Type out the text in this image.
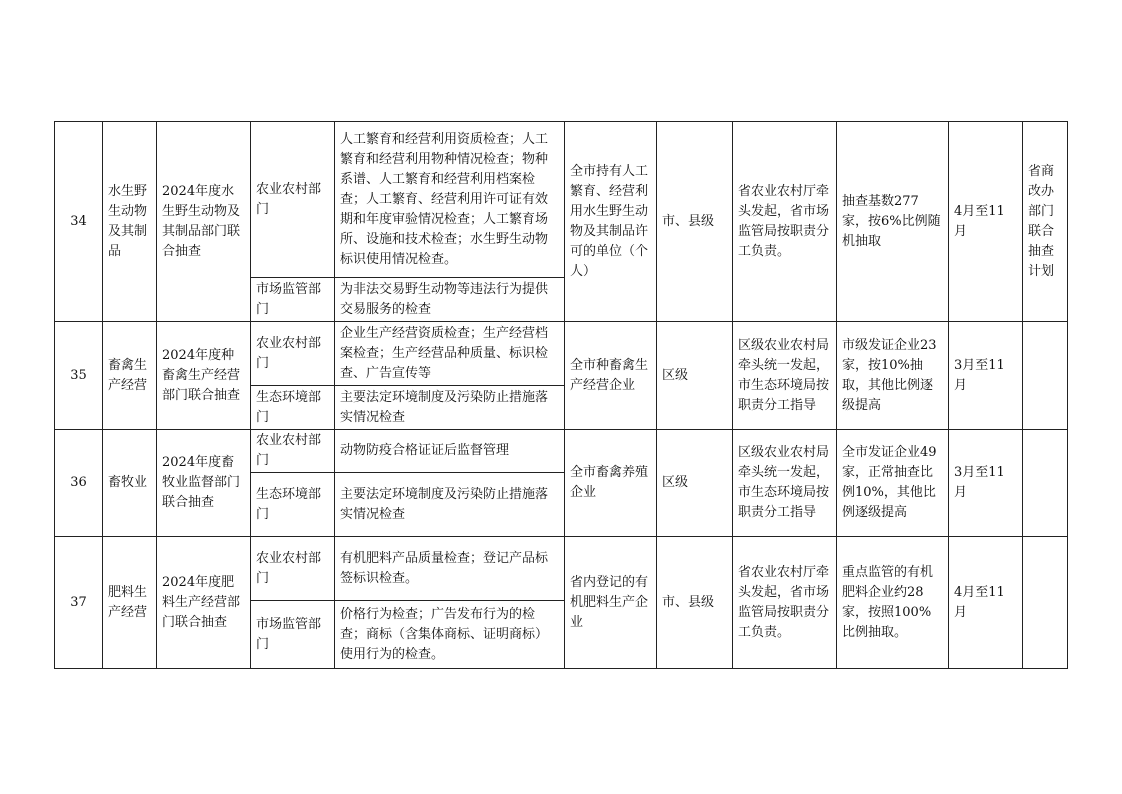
34	水生野生动物及其制品	2024年度水生野生动物及其制品部门联合抽查	农业农村部门	人工繁育和经营利用资质检查；人工繁育和经营利用物种情况检查；物种系谱、人工繁育和经营利用档案检查；人工繁育、经营利用许可证有效期和年度审验情况检查；人工繁育场所、设施和技术检查；水生野生动物标识使用情况检查。	全市持有人工繁育、经营利用水生野生动物及其制品许可的单位（个人）	市、县级	省农业农村厅牵头发起，省市场监管局按职责分工负责。	抽查基数277家，按6%比例随机抽取	4月至11月	省商改办部门联合抽查计划
			市场监管部门	为非法交易野生动物等违法行为提供交易服务的检查						
35	畜禽生产经营	2024年度种畜禽生产经营部门联合抽查	农业农村部门	企业生产经营资质检查；生产经营档案检查；生产经营品种质量、标识检查、广告宣传等	全市种畜禽生产经营企业	区级	区级农业农村局牵头统一发起，市生态环境局按职责分工指导	市级发证企业23家，按10%抽取，其他比例逐级提高	3月至11月	
			生态环境部门	主要法定环境制度及污染防止措施落实情况检查						
36	畜牧业	2024年度畜牧业监督部门联合抽查	农业农村部门	动物防疫合格证证后监督管理	全市畜禽养殖企业	区级	区级农业农村局牵头统一发起，市生态环境局按职责分工指导	全市发证企业49家，正常抽查比例10%，其他比例逐级提高	3月至11月	
			生态环境部门	主要法定环境制度及污染防止措施落实情况检查						
37	肥料生产经营	2024年度肥料生产经营部门联合抽查	农业农村部门	有机肥料产品质量检查；登记产品标签标识检查。	省内登记的有机肥料生产企业	市、县级	省农业农村厅牵头发起，省市场监管局按职责分工负责。	重点监管的有机肥料企业约28家，按照100%比例抽取。	4月至11月	
			市场监管部门	价格行为检查；广告发布行为的检查；商标（含集体商标、证明商标）使用行为的检查。						
